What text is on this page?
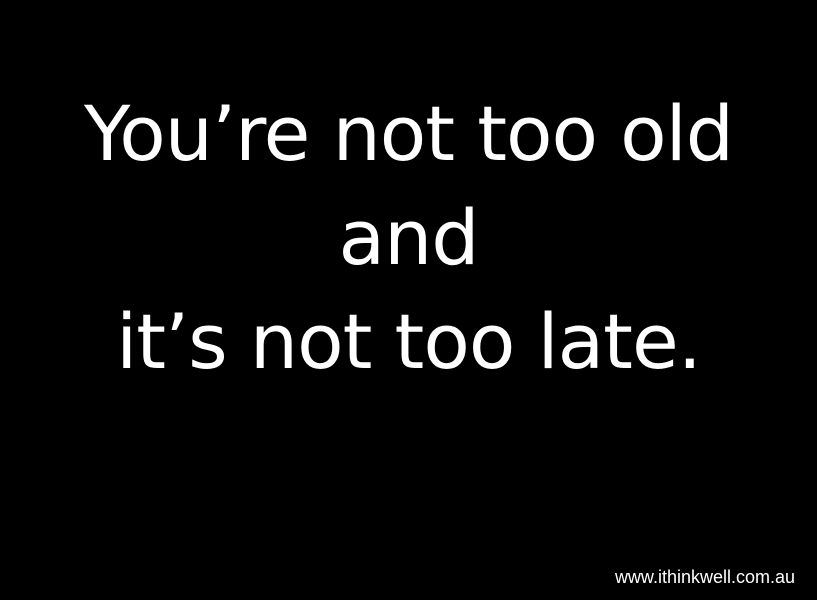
You’re not too old
and
it’s not too late.
www.ithinkwell.com.au
